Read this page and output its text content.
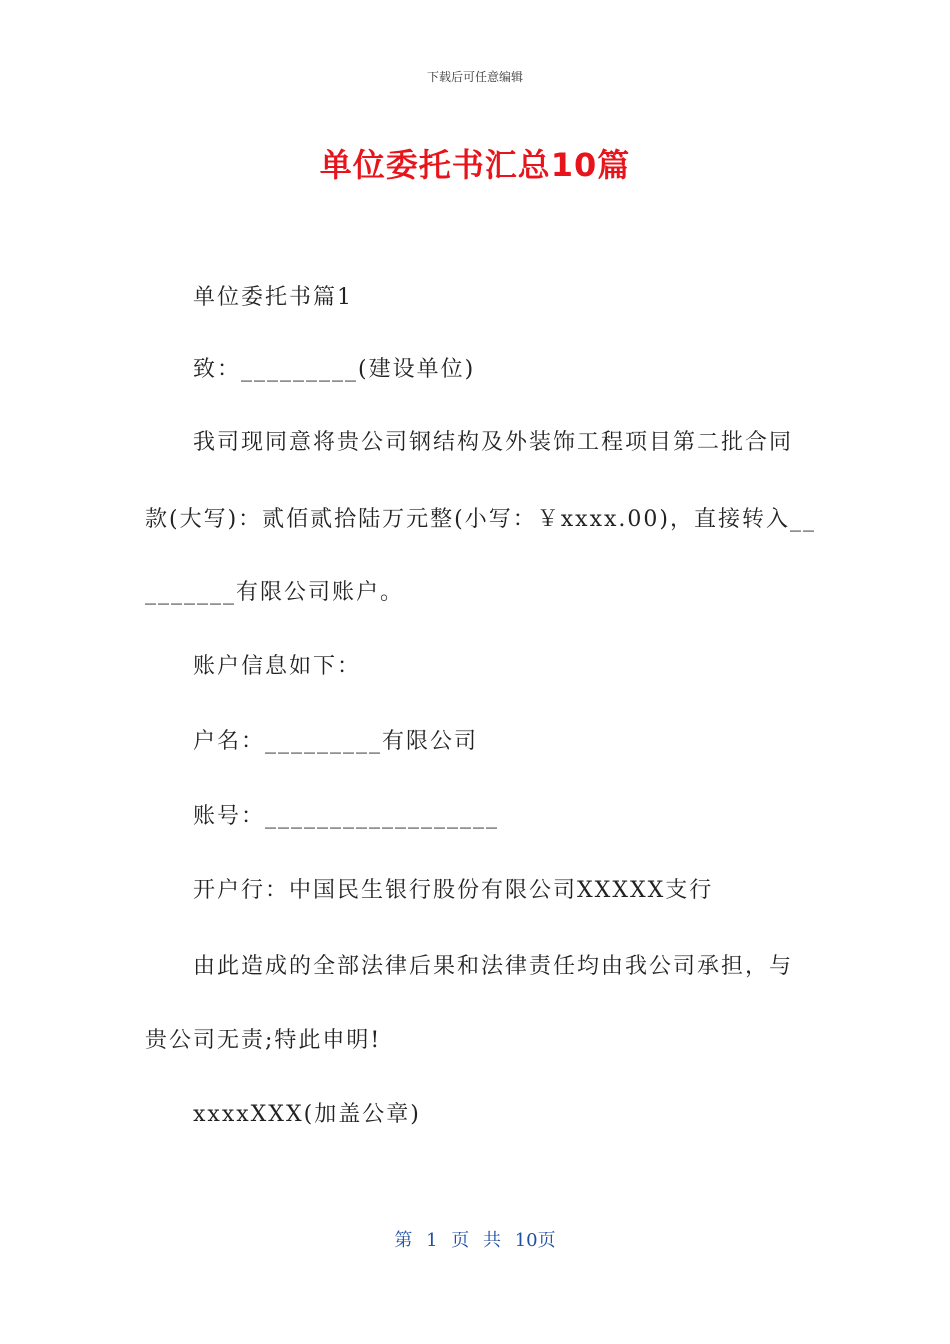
下载后可任意编辑
单位委托书汇总10篇
单位委托书篇1
致：_________(建设单位)
我司现同意将贵公司钢结构及外装饰工程项目第二批合同
款(大写)：贰佰贰拾陆万元整(小写：￥xxxx.00)，直接转入__
_______有限公司账户。
账户信息如下：
户名：_________有限公司
账号：__________________
开户行：中国民生银行股份有限公司XXXXX支行
由此造成的全部法律后果和法律责任均由我公司承担，与
贵公司无责;特此申明!
xxxxXXX(加盖公章)
第 1 页 共 10页
